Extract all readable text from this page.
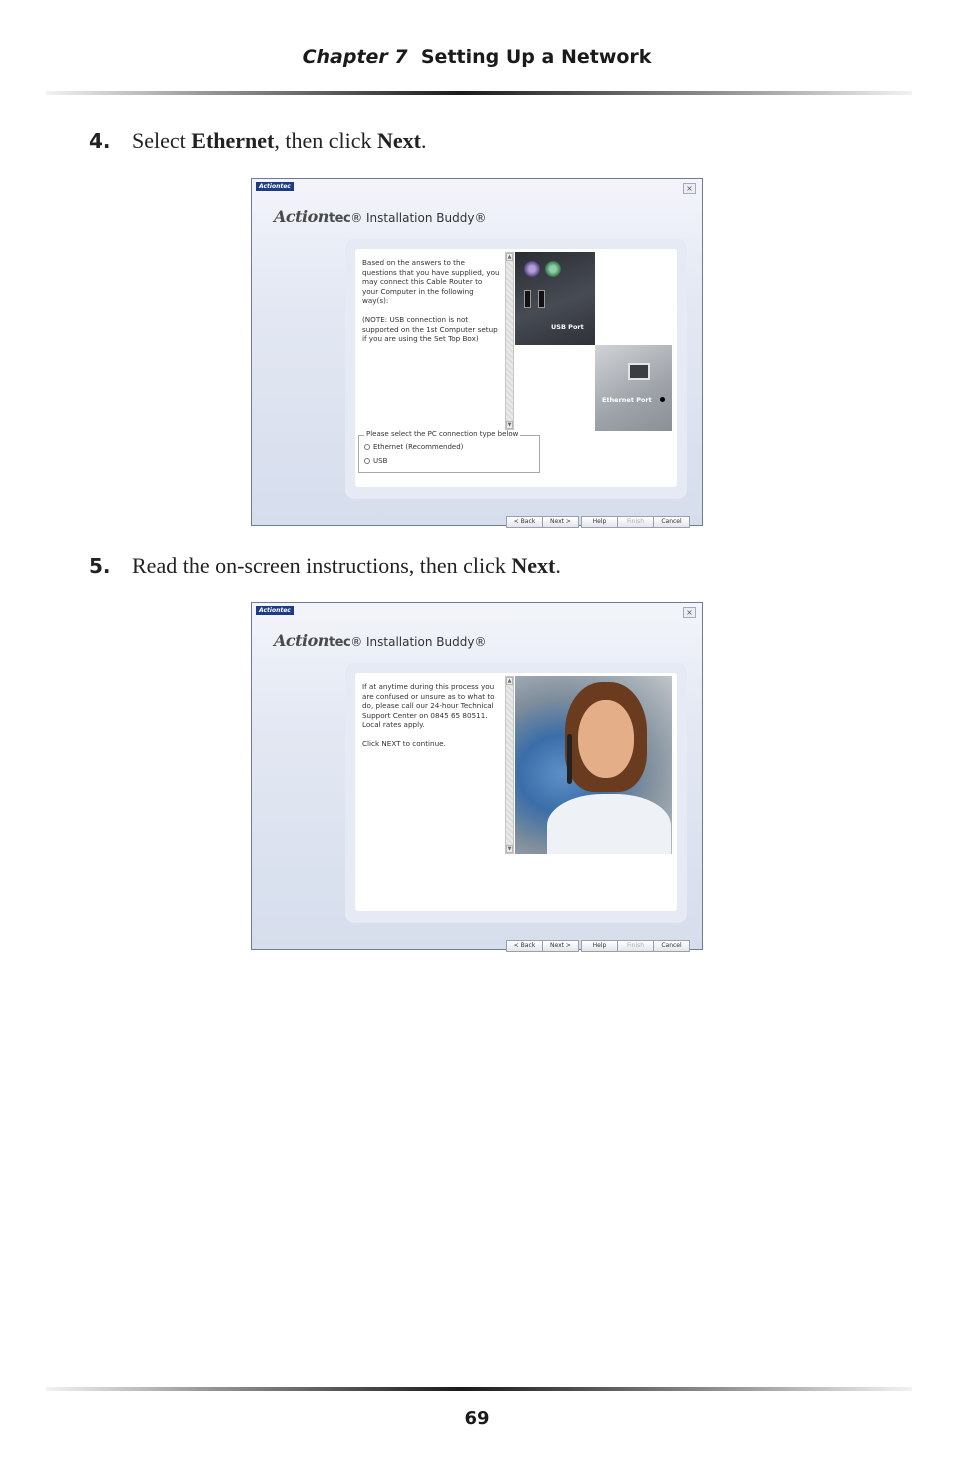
Chapter 7 Setting Up a Network
4. Select Ethernet, then click Next.
Actiontec	×
Actiontec® Installation Buddy®

Based on the answers to the questions that you have supplied, you may connect this Cable Router to your Computer in the following way(s):

(NOTE: USB connection is not supported on the 1st Computer setup if you are using the Set Top Box)

▲
▼
USB Port
Ethernet Port
Please select the PC connection type below
Ethernet (Recommended)
USB
< Back Next >	Help	Finish	Cancel
5. Read the on-screen instructions, then click Next.
Actiontec	×
Actiontec® Installation Buddy®

If at anytime during this process you are confused or unsure as to what to do, please call our 24-hour Technical Support Center on 0845 65 80511. Local rates apply.

Click NEXT to continue.

▲
▼
< Back Next >	Help	Finish	Cancel
69
